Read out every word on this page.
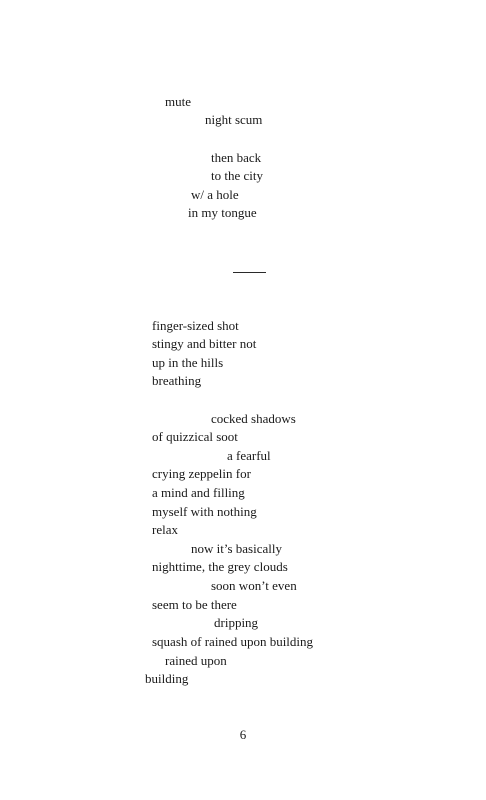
mute
night scum
then back
to the city
w/ a hole
in my tongue
finger-sized shot
stingy and bitter not
up in the hills
breathing
cocked shadows
of quizzical soot
a fearful
crying zeppelin for
a mind and filling
myself with nothing
relax
now it’s basically
nighttime, the grey clouds
soon won’t even
seem to be there
dripping
squash of rained upon building
rained upon
building
6
